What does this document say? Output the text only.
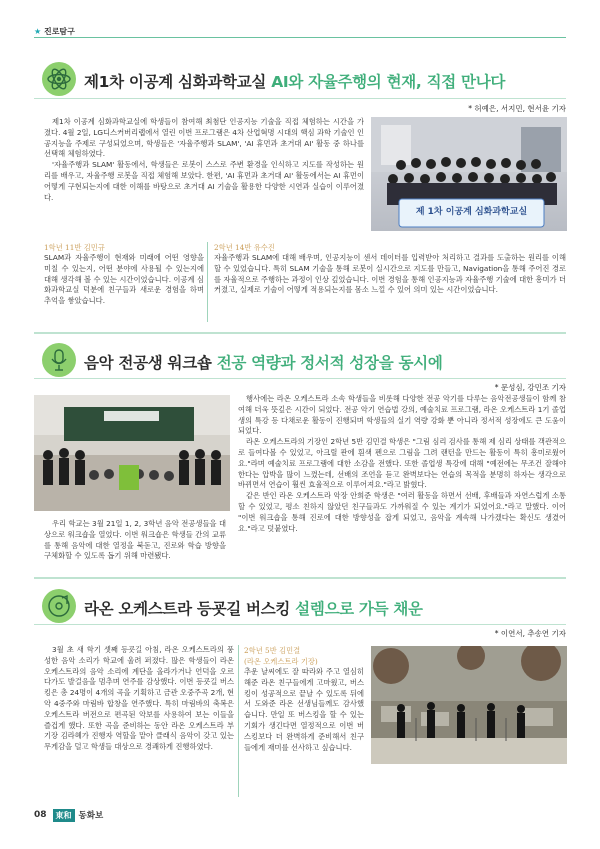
★ 진로탐구
제1차 이공계 심화과학교실 AI와 자율주행의 현재, 직접 만나다
* 허예은, 서지민, 현서윤 기자

제1차 이공계 심화과학교실에 학생들이 참여해 최첨단 인공지능 기술을 직접 체험하는 시간을 가졌다. 4월 2일, LG디스커버리랩에서 열린 이번 프로그램은 4차 산업혁명 시대의 핵심 과학 기술인 인공지능을 주제로 구성되었으며, 학생들은 '자율주행과 SLAM', 'AI 휴먼과 초거대 AI' 활동 중 하나를 선택해 체험하였다.

'자율주행과 SLAM' 활동에서, 학생들은 로봇이 스스로 주변 환경을 인식하고 지도를 작성하는 원리를 배우고, 자율주행 로봇을 직접 체험해 보았다. 한편, 'AI 휴먼과 초거대 AI' 활동에서는 AI 휴먼이 어떻게 구현되는지에 대한 이해를 바탕으로 초거대 AI 기술을 활용한 다양한 시연과 실습이 이루어졌다.

제 1차 이공계 심화과학교실
1학년 11반 김민규

SLAM과 자율주행이 현재와 미래에 어떤 영향을 미칠 수 있는지, 어떤 분야에 사용될 수 있는지에 대해 생각해 볼 수 있는 시간이었습니다. 이공계 심화과학교실 덕분에 친구들과 새로운 경험을 하며 추억을 쌓았습니다.

2학년 14반 유수진

자율주행과 SLAM에 대해 배우며, 인공지능이 센서 데이터를 입력받아 처리하고 결과를 도출하는 원리를 이해할 수 있었습니다. 특히 SLAM 기술을 통해 로봇이 실시간으로 지도를 만들고, Navigation을 통해 주어진 경로를 자율적으로 주행하는 과정이 인상 깊었습니다. 이번 경험을 통해 인공지능과 자율주행 기술에 대한 흥미가 더 커졌고, 실제로 기술이 어떻게 적용되는지를 몸소 느낄 수 있어 의미 있는 시간이었습니다.

음악 전공생 워크숍 전공 역량과 정서적 성장을 동시에
* 문성심, 강민조 기자

우리 학교는 3월 21일 1, 2, 3학년 음악 전공생들을 대상으로 워크숍을 열었다. 이번 워크숍은 학생들 간의 교류를 통해 음악에 대한 열정을 북돋고, 진로와 학습 방향을 구체화할 수 있도록 돕기 위해 마련됐다.

행사에는 라온 오케스트라 소속 학생들을 비롯해 다양한 전공 악기를 다루는 음악전공생들이 함께 참여해 더욱 뜻깊은 시간이 되었다. 전공 악기 연습법 강의, 예술치료 프로그램, 라온 오케스트라 1기 졸업생의 특강 등 다채로운 활동이 진행되며 학생들의 실기 역량 강화 뿐 아니라 정서적 성장에도 큰 도움이 되었다.

라온 오케스트라의 기장인 2학년 5반 김민결 학생은 "그림 심리 검사를 통해 제 심리 상태를 객관적으로 들여다볼 수 있었고, 아크릴 판에 흰색 펜으로 그림을 그려 랜턴을 만드는 활동이 특히 흥미로웠어요."라며 예술치료 프로그램에 대한 소감을 전했다. 또한 졸업생 특강에 대해 "예전에는 무조건 잘해야 한다는 압박을 많이 느꼈는데, 선배의 조언을 듣고 완벽보다는 연습의 목적을 분명히 하자는 생각으로 바뀌면서 연습이 훨씬 효율적으로 이루어져요."라고 밝혔다.

같은 반인 라온 오케스트라 악장 안희준 학생은 "여러 활동을 하면서 선배, 후배들과 자연스럽게 소통할 수 있었고, 평소 친하지 않았던 친구들과도 가까워질 수 있는 계기가 되었어요."라고 말했다. 이어 "이번 워크숍을 통해 진로에 대한 방향성을 잡게 되었고, 음악을 계속해 나가겠다는 확신도 생겼어요."라고 덧붙였다.

라온 오케스트라 등굣길 버스킹 설렘으로 가득 채운
* 이연서, 추송연 기자

3월 초 새 학기 셋째 등굣길 아침, 라온 오케스트라의 풍성한 음악 소리가 학교에 울려 퍼졌다. 많은 학생들이 라온 오케스트라의 음악 소리에 계단을 올라가거나 언덕을 오르다가도 발걸음을 멈추며 연주를 감상했다. 이번 등굣길 버스킹은 총 24명이 4개의 곡을 기획하고 금관 오중주곡 2개, 현악 4중주와 마림바 합창을 연주했다. 특히 마림바의 축복은 오케스트라 버전으로 편곡된 악보를 사용하여 보는 이들을 즐겁게 했다. 또한 곡을 준비하는 동안 라온 오케스트라 부기장 김라혜가 진행자 역할을 맡아 클래식 음악이 갖고 있는 무게감을 덜고 학생들 대상으로 경쾌하게 진행하였다.

2학년 5반 김민결
(라온 오케스트라 기장)

추운 날씨에도 잘 따라와 주고 열심히 해준 라온 친구들에게 고마웠고, 버스킹이 성공적으로 끝날 수 있도록 뒤에서 도와준 라온 선생님들께도 감사했습니다. 만일 또 버스킹을 할 수 있는 기회가 생긴다면 열정적으로 이번 버스킹보다 더 완벽하게 준비해서 친구들에게 재미를 선사하고 싶습니다.

08	東和 동화보
